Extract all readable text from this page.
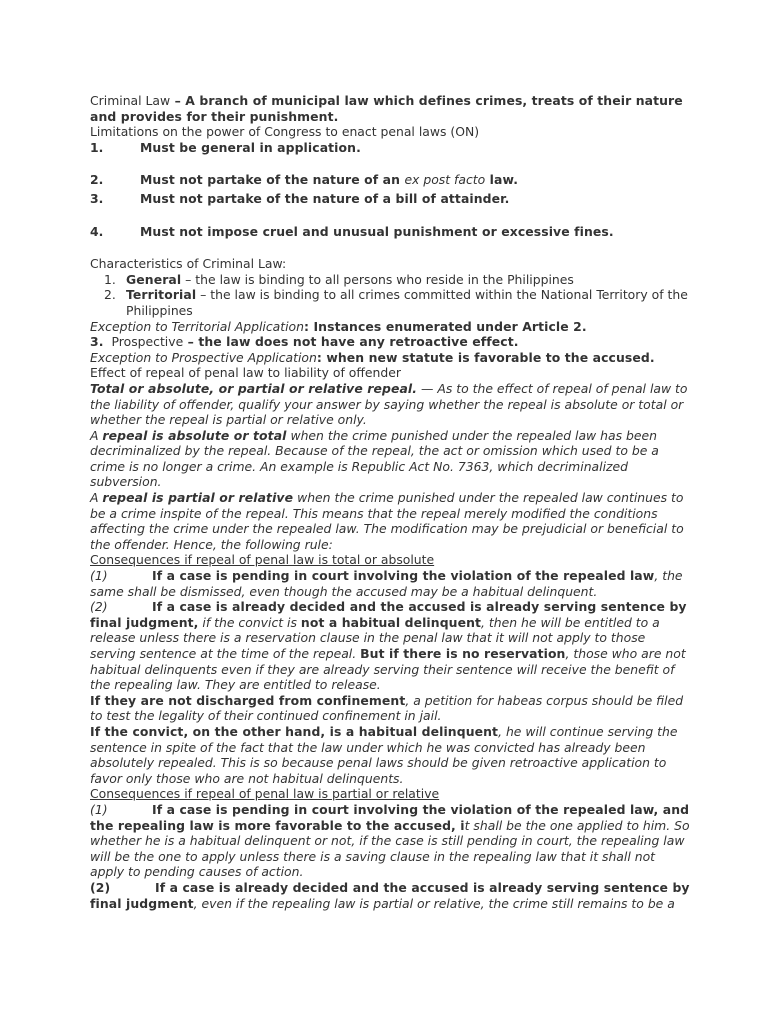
Criminal Law – A branch of municipal law which defines crimes, treats of their nature and provides for their punishment.

Limitations on the power of Congress to enact penal laws (ON)

1.	Must be general in application.
2.	Must not partake of the nature of an ex post facto law.
3.	Must not partake of the nature of a bill of attainder.
4.	Must not impose cruel and unusual punishment or excessive fines.

Characteristics of Criminal Law:

1. General – the law is binding to all persons who reside in the Philippines

2. Territorial – the law is binding to all crimes committed within the National Territory of the Philippines

Exception to Territorial Application: Instances enumerated under Article 2.

3. Prospective – the law does not have any retroactive effect.

Exception to Prospective Application: when new statute is favorable to the accused.

Effect of repeal of penal law to liability of offender

Total or absolute, or partial or relative repeal. — As to the effect of repeal of penal law to the liability of offender, qualify your answer by saying whether the repeal is absolute or total or whether the repeal is partial or relative only.

A repeal is absolute or total when the crime punished under the repealed law has been decriminalized by the repeal. Because of the repeal, the act or omission which used to be a crime is no longer a crime. An example is Republic Act No. 7363, which decriminalized subversion.

A repeal is partial or relative when the crime punished under the repealed law continues to be a crime inspite of the repeal. This means that the repeal merely modified the conditions affecting the crime under the repealed law. The modification may be prejudicial or beneficial to the offender. Hence, the following rule:

Consequences if repeal of penal law is total or absolute

(1)	If a case is pending in court involving the violation of the repealed law, the same shall be dismissed, even though the accused may be a habitual delinquent.

(2)	If a case is already decided and the accused is already serving sentence by final judgment, if the convict is not a habitual delinquent, then he will be entitled to a release unless there is a reservation clause in the penal law that it will not apply to those serving sentence at the time of the repeal. But if there is no reservation, those who are not habitual delinquents even if they are already serving their sentence will receive the benefit of the repealing law. They are entitled to release.

If they are not discharged from confinement, a petition for habeas corpus should be filed to test the legality of their continued confinement in jail.

If the convict, on the other hand, is a habitual delinquent, he will continue serving the sentence in spite of the fact that the law under which he was convicted has already been absolutely repealed. This is so because penal laws should be given retroactive application to favor only those who are not habitual delinquents.

Consequences if repeal of penal law is partial or relative

(1)	If a case is pending in court involving the violation of the repealed law, and the repealing law is more favorable to the accused, it shall be the one applied to him. So whether he is a habitual delinquent or not, if the case is still pending in court, the repealing law will be the one to apply unless there is a saving clause in the repealing law that it shall not apply to pending causes of action.

(2)	If a case is already decided and the accused is already serving sentence by final judgment, even if the repealing law is partial or relative, the crime still remains to be a
